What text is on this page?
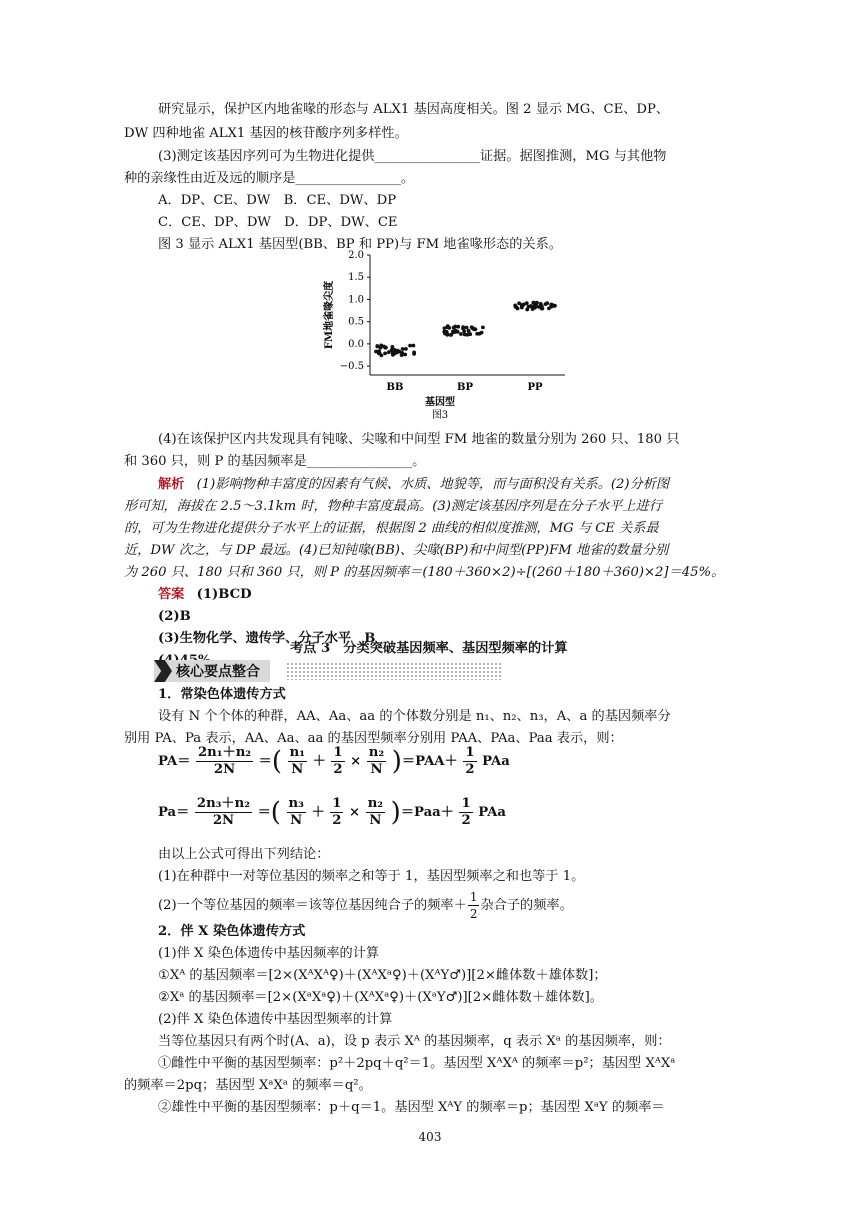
研究显示，保护区内地雀喙的形态与 ALX1 基因高度相关。图 2 显示 MG、CE、DP、
DW 四种地雀 ALX1 基因的核苷酸序列多样性。
(3)测定该基因序列可为生物进化提供________________证据。据图推测，MG 与其他物
种的亲缘性由近及远的顺序是________________。
A．DP、CE、DW　B．CE、DW、DP
C．CE、DP、DW　D．DP、DW、CE
图 3 显示 ALX1 基因型(BB、BP 和 PP)与 FM 地雀喙形态的关系。
2.0
1.5
1.0
0.5
0.0
−0.5
BB	BP	PP
基因型
图3
FM地雀喙尖度
(4)在该保护区内共发现具有钝喙、尖喙和中间型 FM 地雀的数量分别为 260 只、180 只
和 360 只，则 P 的基因频率是________________。
解析 (1)影响物种丰富度的因素有气候、水质、地貌等，而与面积没有关系。(2)分析图
形可知，海拔在 2.5～3.1km 时，物种丰富度最高。(3)测定该基因序列是在分子水平上进行
的，可为生物进化提供分子水平上的证据，根据图 2 曲线的相似度推测，MG 与 CE 关系最
近，DW 次之，与 DP 最远。(4)已知钝喙(BB)、尖喙(BP)和中间型(PP)FM 地雀的数量分别
为 260 只、180 只和 360 只，则 P 的基因频率＝(180＋360×2)÷[(260＋180＋360)×2]＝45%。
答案 (1)BCD
(2)B
(3)生物化学、遗传学、分子水平　B
考点 3　分类突破基因频率、基因型频率的计算
核心要点整合
1．常染色体遗传方式
设有 N 个个体的种群，AA、Aa、aa 的个体数分别是 n₁、n₂、n₃，A、a 的基因频率分
别用 PA、Pa 表示，AA、Aa、aa 的基因型频率分别用 PAA、PAa、Paa 表示，则：
$PA= \frac{\text{2n₁＋n₂}}{2N}$ ＝( $\frac{\text{n₁}}{N} + \frac{1}{2} \times \frac{\text{n₂}}{N} )=PAA+ \frac{1}{2}$ PAa
$Pa= \frac{\text{2n₃＋n₂}}{2N}$ ＝( $\frac{\text{n₃}}{N} + \frac{1}{2} \times \frac{\text{n₂}}{N} )=Paa+ \frac{1}{2}$ PAa
由以上公式可得出下列结论：
(1)在种群中一对等位基因的频率之和等于 1，基因型频率之和也等于 1。
(2)一个等位基因的频率＝该等位基因纯合子的频率＋ $\frac{1}{2}$ 杂合子的频率。
2．伴 X 染色体遗传方式
(1)伴 X 染色体遗传中基因频率的计算
①Xᴬ 的基因频率＝[2×(XᴬXᴬ♀)＋(XᴬXᵃ♀)＋(XᴬY♂)][2×雌体数＋雄体数]；
②Xᵃ 的基因频率＝[2×(XᵃXᵃ♀)＋(XᴬXᵃ♀)＋(XᵃY♂)][2×雌体数＋雄体数]。
(2)伴 X 染色体遗传中基因型频率的计算
当等位基因只有两个时(A、a)，设 p 表示 Xᴬ 的基因频率，q 表示 Xᵃ 的基因频率，则：
①雌性中平衡的基因型频率：p²＋2pq＋q²＝1。基因型 XᴬXᴬ 的频率＝p²；基因型 XᴬXᵃ
的频率＝2pq；基因型 XᵃXᵃ 的频率＝q²。
②雄性中平衡的基因型频率：p＋q＝1。基因型 XᴬY 的频率＝p；基因型 XᵃY 的频率＝
403
